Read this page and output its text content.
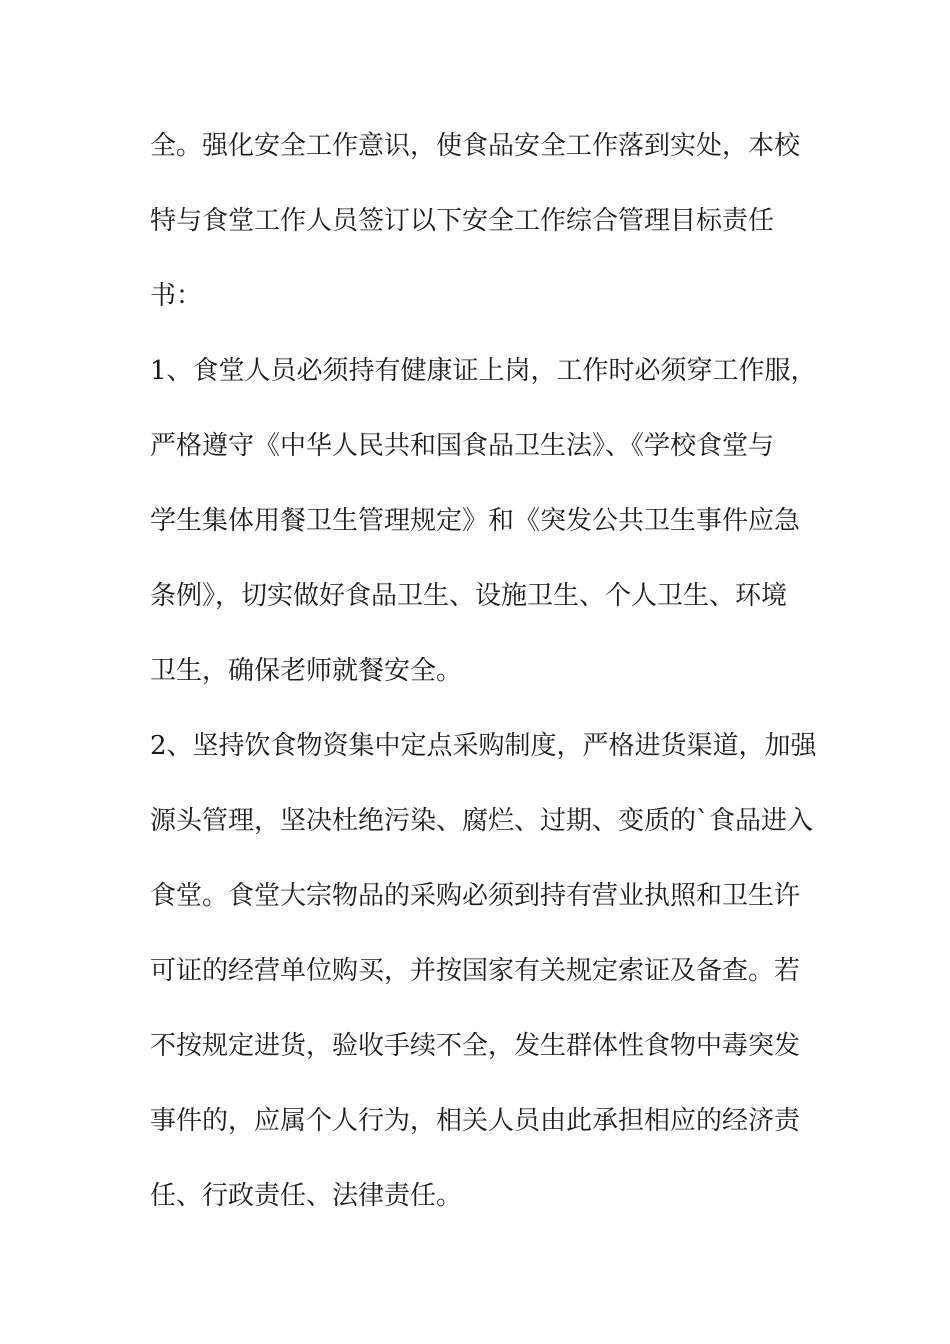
全。强化安全工作意识，使食品安全工作落到实处，本校
特与食堂工作人员签订以下安全工作综合管理目标责任
书：
1、食堂人员必须持有健康证上岗，工作时必须穿工作服，
严格遵守《中华人民共和国食品卫生法》、《学校食堂与
学生集体用餐卫生管理规定》和《突发公共卫生事件应急
条例》，切实做好食品卫生、设施卫生、个人卫生、环境
卫生，确保老师就餐安全。
2、坚持饮食物资集中定点采购制度，严格进货渠道，加强
源头管理，坚决杜绝污染、腐烂、过期、变质的`食品进入
食堂。食堂大宗物品的采购必须到持有营业执照和卫生许
可证的经营单位购买，并按国家有关规定索证及备查。若
不按规定进货，验收手续不全，发生群体性食物中毒突发
事件的，应属个人行为，相关人员由此承担相应的经济责
任、行政责任、法律责任。
